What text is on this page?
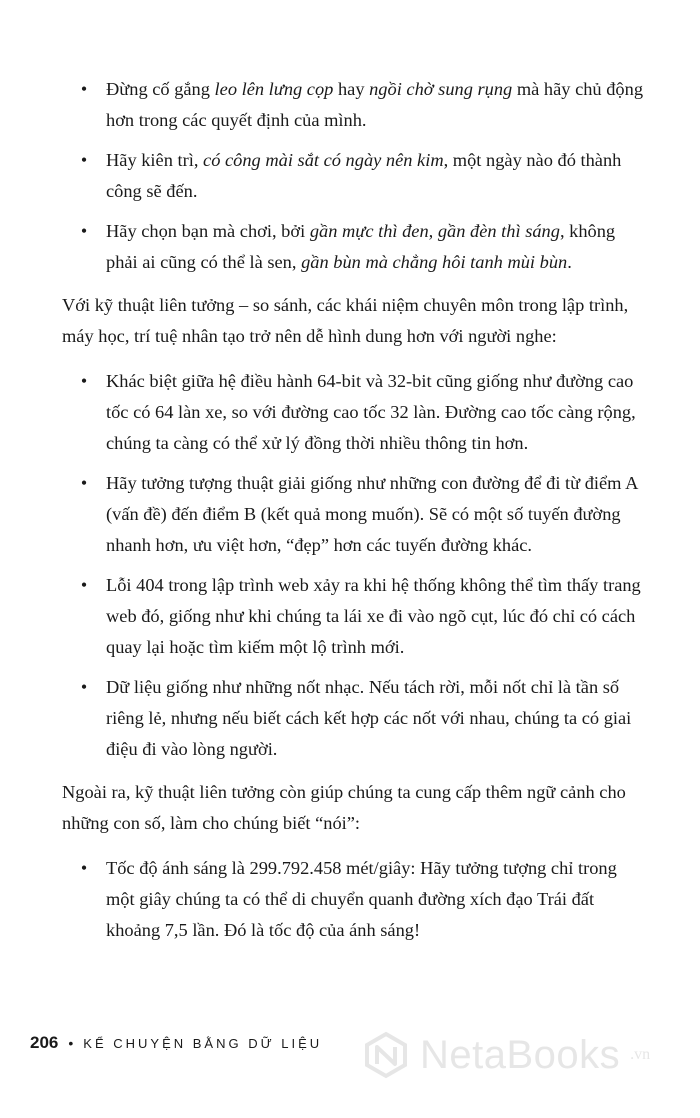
• Đừng cố gắng leo lên lưng cọp hay ngồi chờ sung rụng mà hãy chủ động hơn trong các quyết định của mình.

• Hãy kiên trì, có công mài sắt có ngày nên kim, một ngày nào đó thành công sẽ đến.

• Hãy chọn bạn mà chơi, bởi gần mực thì đen, gần đèn thì sáng, không phải ai cũng có thể là sen, gần bùn mà chẳng hôi tanh mùi bùn.

Với kỹ thuật liên tưởng – so sánh, các khái niệm chuyên môn trong lập trình, máy học, trí tuệ nhân tạo trở nên dễ hình dung hơn với người nghe:

• Khác biệt giữa hệ điều hành 64-bit và 32-bit cũng giống như đường cao tốc có 64 làn xe, so với đường cao tốc 32 làn. Đường cao tốc càng rộng, chúng ta càng có thể xử lý đồng thời nhiều thông tin hơn.

• Hãy tưởng tượng thuật giải giống như những con đường để đi từ điểm A (vấn đề) đến điểm B (kết quả mong muốn). Sẽ có một số tuyến đường nhanh hơn, ưu việt hơn, “đẹp” hơn các tuyến đường khác.

• Lỗi 404 trong lập trình web xảy ra khi hệ thống không thể tìm thấy trang web đó, giống như khi chúng ta lái xe đi vào ngõ cụt, lúc đó chỉ có cách quay lại hoặc tìm kiếm một lộ trình mới.

• Dữ liệu giống như những nốt nhạc. Nếu tách rời, mỗi nốt chỉ là tần số riêng lẻ, nhưng nếu biết cách kết hợp các nốt với nhau, chúng ta có giai điệu đi vào lòng người.

Ngoài ra, kỹ thuật liên tưởng còn giúp chúng ta cung cấp thêm ngữ cảnh cho những con số, làm cho chúng biết “nói”:

• Tốc độ ánh sáng là 299.792.458 mét/giây: Hãy tưởng tượng chỉ trong một giây chúng ta có thể di chuyển quanh đường xích đạo Trái đất khoảng 7,5 lần. Đó là tốc độ của ánh sáng!

206 • KỂ CHUYỆN BẰNG DỮ LIỆU NetaBooks .vn
